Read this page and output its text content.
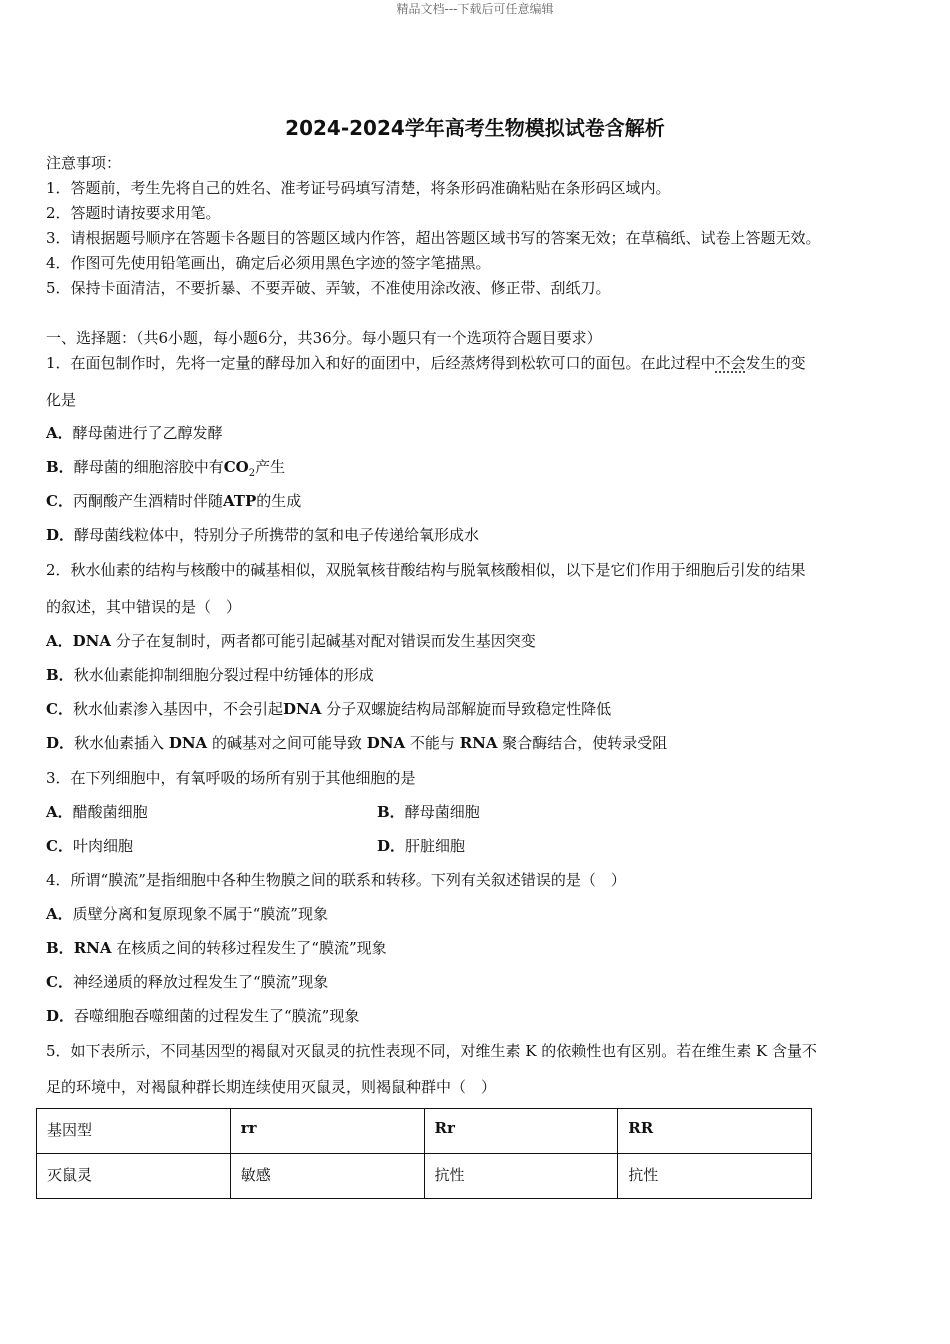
精品文档---下载后可任意编辑
2024-2024学年高考生物模拟试卷含解析
注意事项：
1．答题前，考生先将自己的姓名、准考证号码填写清楚，将条形码准确粘贴在条形码区域内。
2．答题时请按要求用笔。
3．请根据题号顺序在答题卡各题目的答题区域内作答，超出答题区域书写的答案无效；在草稿纸、试卷上答题无效。
4．作图可先使用铅笔画出，确定后必须用黑色字迹的签字笔描黑。
5．保持卡面清洁，不要折暴、不要弄破、弄皱，不准使用涂改液、修正带、刮纸刀。
一、选择题：（共6小题，每小题6分，共36分。每小题只有一个选项符合题目要求）
1．在面包制作时，先将一定量的酵母加入和好的面团中，后经蒸烤得到松软可口的面包。在此过程中不会发生的变
化是
A．酵母菌进行了乙醇发酵
B．酵母菌的细胞溶胶中有$CO_2$产生
C．丙酮酸产生酒精时伴随ATP的生成
D．酵母菌线粒体中，特别分子所携带的氢和电子传递给氧形成水
2．秋水仙素的结构与核酸中的碱基相似，双脱氧核苷酸结构与脱氧核酸相似，以下是它们作用于细胞后引发的结果
的叙述，其中错误的是（　）
A．DNA 分子在复制时，两者都可能引起碱基对配对错误而发生基因突变
B．秋水仙素能抑制细胞分裂过程中纺锤体的形成
C．秋水仙素渗入基因中，不会引起DNA 分子双螺旋结构局部解旋而导致稳定性降低
D．秋水仙素插入 DNA 的碱基对之间可能导致 DNA 不能与 RNA 聚合酶结合，使转录受阻
3．在下列细胞中，有氧呼吸的场所有别于其他细胞的是
A．醋酸菌细胞	B．酵母菌细胞
C．叶肉细胞	D．肝脏细胞
4．所谓“膜流”是指细胞中各种生物膜之间的联系和转移。下列有关叙述错误的是（　）
A．质壁分离和复原现象不属于“膜流”现象
B．RNA 在核质之间的转移过程发生了“膜流”现象
C．神经递质的释放过程发生了“膜流”现象
D．吞噬细胞吞噬细菌的过程发生了“膜流”现象
5．如下表所示，不同基因型的褐鼠对灭鼠灵的抗性表现不同，对维生素 K 的依赖性也有区别。若在维生素 K 含量不
足的环境中，对褐鼠种群长期连续使用灭鼠灵，则褐鼠种群中（　）
基因型	rr	Rr	RR
灭鼠灵	敏感	抗性	抗性
